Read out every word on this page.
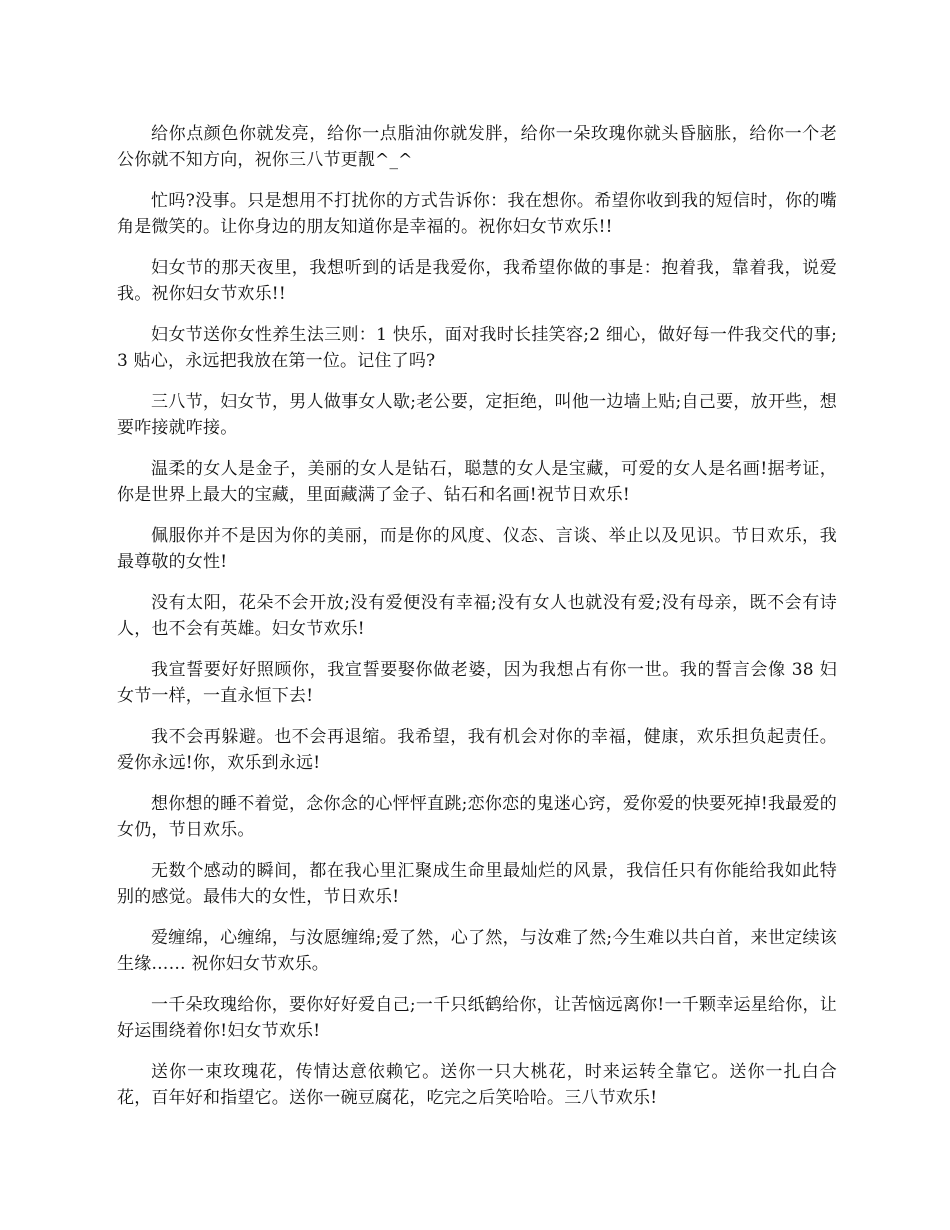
给你点颜色你就发亮，给你一点脂油你就发胖，给你一朵玫瑰你就头昏脑胀，给你一个老公你就不知方向，祝你三八节更靓^_^

忙吗?没事。只是想用不打扰你的方式告诉你：我在想你。希望你收到我的短信时，你的嘴角是微笑的。让你身边的朋友知道你是幸福的。祝你妇女节欢乐!!

妇女节的那天夜里，我想听到的话是我爱你，我希望你做的事是：抱着我，靠着我，说爱我。祝你妇女节欢乐!!

妇女节送你女性养生法三则：1 快乐，面对我时长挂笑容;2 细心，做好每一件我交代的事;3 贴心，永远把我放在第一位。记住了吗?

三八节，妇女节，男人做事女人歇;老公要，定拒绝，叫他一边墙上贴;自己要，放开些，想要咋接就咋接。

温柔的女人是金子，美丽的女人是钻石，聪慧的女人是宝藏，可爱的女人是名画!据考证，你是世界上最大的宝藏，里面藏满了金子、钻石和名画!祝节日欢乐!

佩服你并不是因为你的美丽，而是你的风度、仪态、言谈、举止以及见识。节日欢乐，我最尊敬的女性!

没有太阳，花朵不会开放;没有爱便没有幸福;没有女人也就没有爱;没有母亲，既不会有诗人，也不会有英雄。妇女节欢乐!

我宣誓要好好照顾你，我宣誓要娶你做老婆，因为我想占有你一世。我的誓言会像 38 妇女节一样，一直永恒下去!

我不会再躲避。也不会再退缩。我希望，我有机会对你的幸福，健康，欢乐担负起责任。爱你永远!你，欢乐到永远!

想你想的睡不着觉，念你念的心怦怦直跳;恋你恋的鬼迷心窍，爱你爱的快要死掉!我最爱的女仍，节日欢乐。

无数个感动的瞬间，都在我心里汇聚成生命里最灿烂的风景，我信任只有你能给我如此特别的感觉。最伟大的女性，节日欢乐!

爱缠绵，心缠绵，与汝愿缠绵;爱了然，心了然，与汝难了然;今生难以共白首，来世定续该生缘…… 祝你妇女节欢乐。

一千朵玫瑰给你，要你好好爱自己;一千只纸鹤给你，让苦恼远离你!一千颗幸运星给你，让好运围绕着你!妇女节欢乐!

送你一束玫瑰花，传情达意依赖它。送你一只大桃花，时来运转全靠它。送你一扎白合花，百年好和指望它。送你一碗豆腐花，吃完之后笑哈哈。三八节欢乐!
